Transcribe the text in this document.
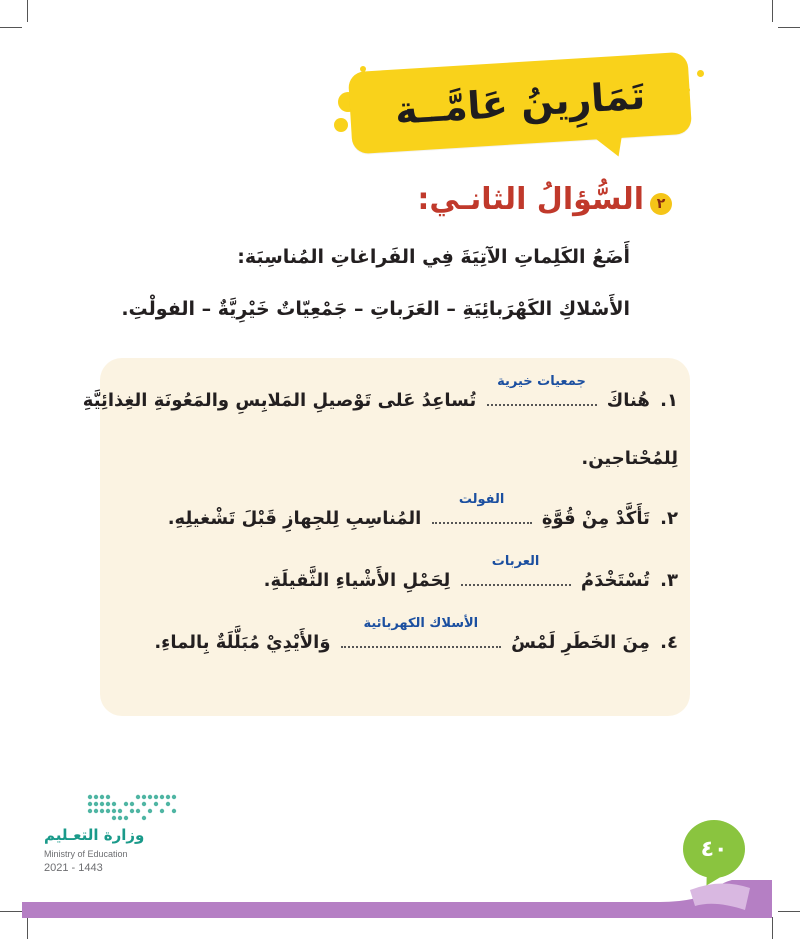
تَمَارِينُ عَامَّــة
٢
السُّؤالُ الثانـي:
أَضَعُ الكَلِماتِ الآتِيَةَ فِي الفَراغاتِ المُناسِبَة:
الأَسْلاكِ الكَهْرَبائِيَةِ – العَرَباتِ – جَمْعِيّاتٌ خَيْرِيَّةٌ – الفولْتِ.
١. هُناكَ
جمعيات خيرية
تُساعِدُ عَلى تَوْصيلِ المَلابِسِ والمَعُونَةِ الغِذائِيَّةِ
لِلمُحْتاجين.
٢. تَأَكَّدْ مِنْ قُوَّةِ
الفولت
المُناسِبِ لِلجِهازِ قَبْلَ تَشْغيلِهِ.
٣. تُسْتَخْدَمُ
العربات
لِحَمْلِ الأَشْياءِ الثَّقيلَةِ.
٤. مِنَ الخَطَرِ لَمْسُ
الأسلاك الكهربائية
وَالأَيْدِيْ مُبَلَّلَةٌ بِالماءِ.
وزارة التعـليم
Ministry of Education
2021 - 1443
٤٠
